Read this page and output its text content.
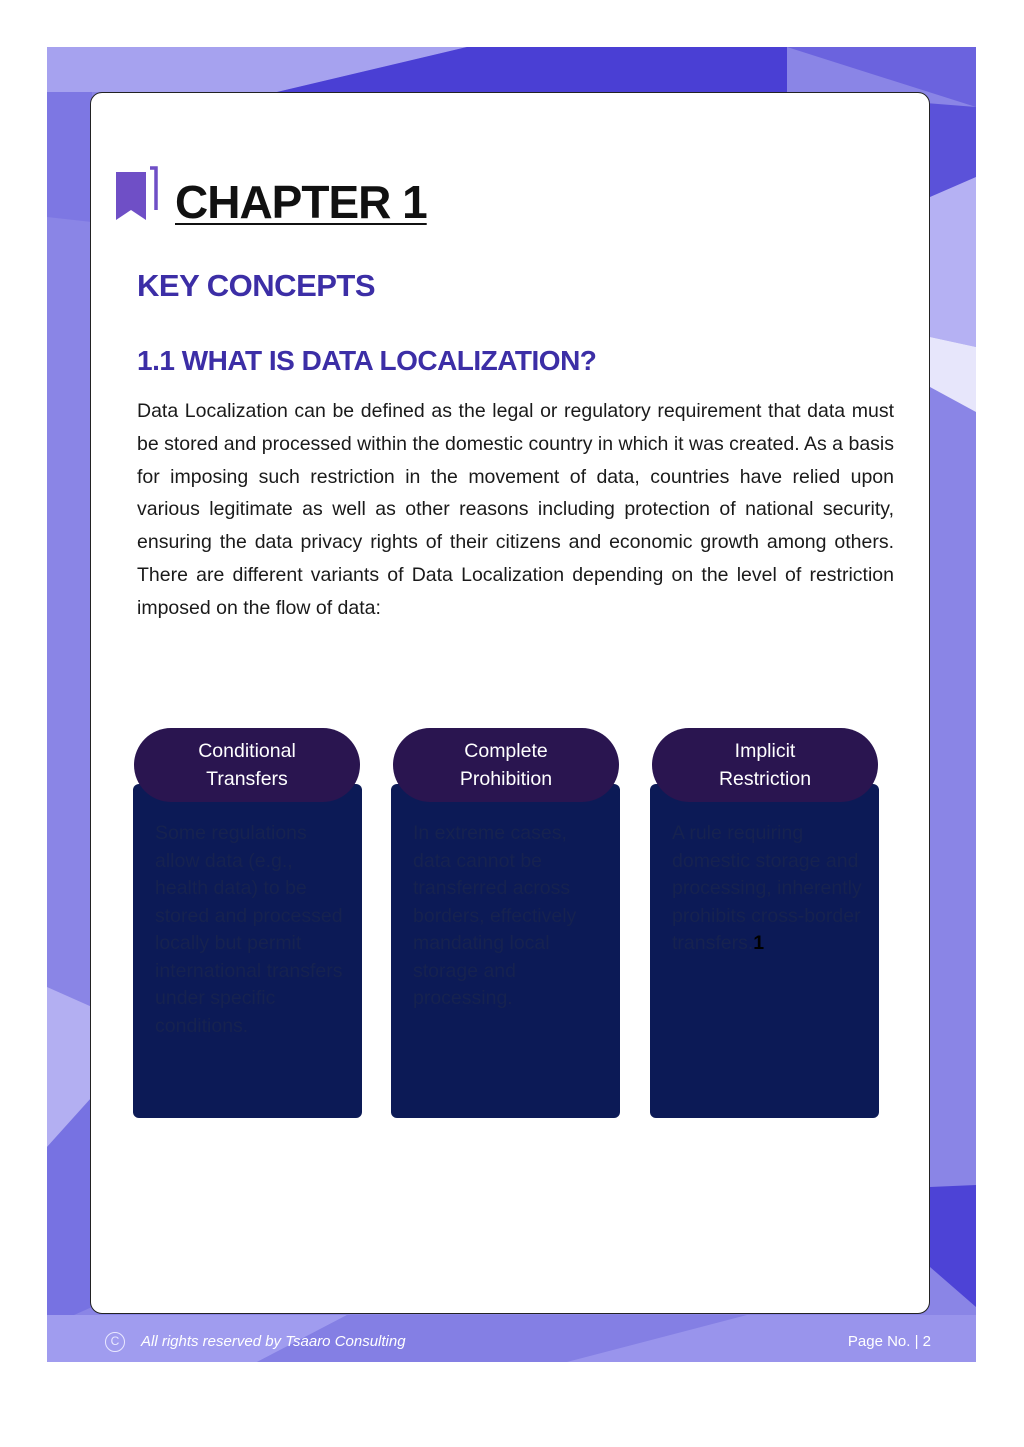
CHAPTER 1
KEY CONCEPTS
1.1 WHAT IS DATA LOCALIZATION?

Data Localization can be defined as the legal or regulatory requirement that data must be stored and processed within the domestic country in which it was created. As a basis for imposing such restriction in the movement of data, countries have relied upon various legitimate as well as other reasons including protection of national security, ensuring the data privacy rights of their citizens and economic growth among others. There are different variants of Data Localization depending on the level of restriction imposed on the flow of data:

Some regulations allow data (e.g., health data) to be stored and processed locally but permit international transfers under specific conditions.

Conditional Transfers

In extreme cases, data cannot be transferred across borders, effectively mandating local storage and processing.

Complete Prohibition

A rule requiring domestic storage and processing, inherently prohibits cross-border transfers.1

Implicit Restriction
C	All rights reserved by Tsaaro Consulting	Page No. | 2
